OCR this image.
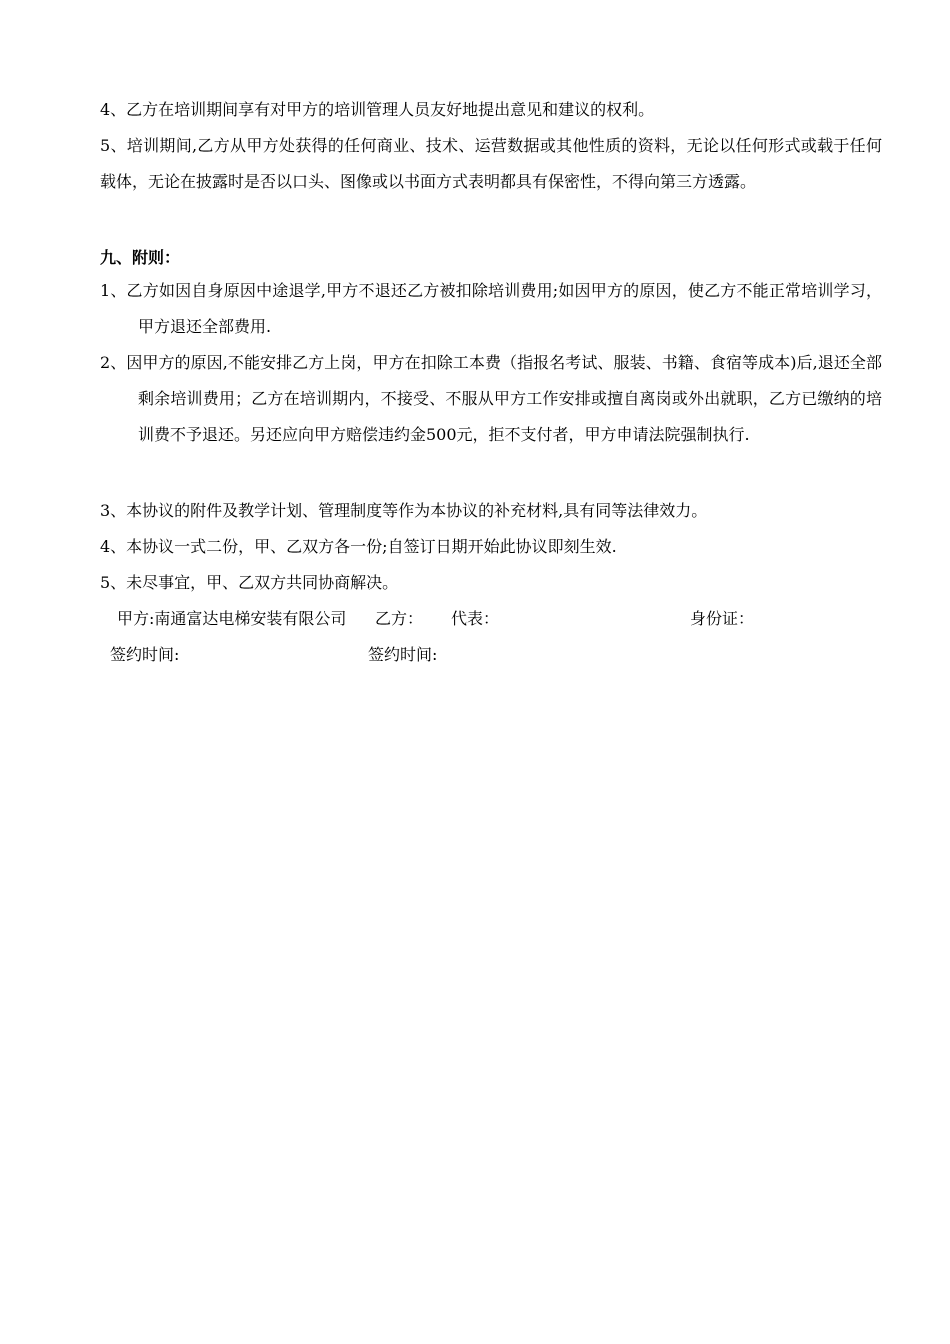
4、乙方在培训期间享有对甲方的培训管理人员友好地提出意见和建议的权利。
5、培训期间,乙方从甲方处获得的任何商业、技术、运营数据或其他性质的资料，无论以任何形式或载于任何载体，无论在披露时是否以口头、图像或以书面方式表明都具有保密性，不得向第三方透露。
九、附则：
1、乙方如因自身原因中途退学,甲方不退还乙方被扣除培训费用;如因甲方的原因，使乙方不能正常培训学习，甲方退还全部费用.
2、因甲方的原因,不能安排乙方上岗，甲方在扣除工本费（指报名考试、服装、书籍、食宿等成本)后,退还全部剩余培训费用；乙方在培训期内，不接受、不服从甲方工作安排或擅自离岗或外出就职，乙方已缴纳的培训费不予退还。另还应向甲方赔偿违约金500元，拒不支付者，甲方申请法院强制执行.
3、本协议的附件及教学计划、管理制度等作为本协议的补充材料,具有同等法律效力。
4、本协议一式二份，甲、乙双方各一份;自签订日期开始此协议即刻生效.
5、未尽事宜，甲、乙双方共同协商解决。
甲方:南通富达电梯安装有限公司 乙方： 代表：	身份证：
签约时间:	签约时间:
